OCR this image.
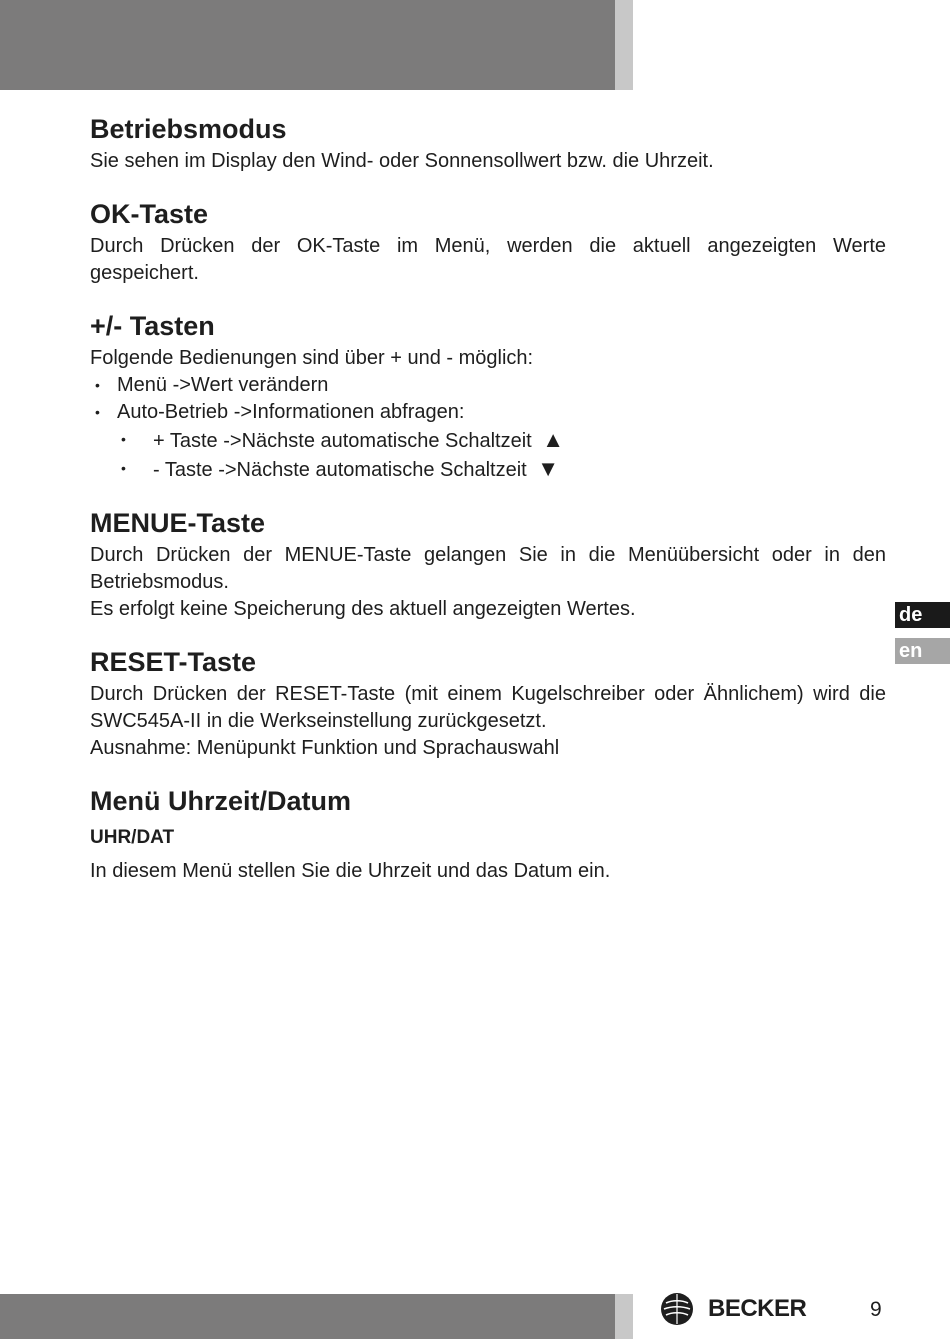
Betriebsmodus

Sie sehen im Display den Wind- oder Sonnensollwert bzw. die Uhrzeit.

OK-Taste

Durch Drücken der OK-Taste im Menü, werden die aktuell angezeigten Werte gespeichert.

+/- Tasten

Folgende Bedienungen sind über + und - möglich:

• Menü ->Wert verändern
• Auto-Betrieb ->Informationen abfragen:
• + Taste ->Nächste automatische Schaltzeit ▲
• - Taste ->Nächste automatische Schaltzeit ▼
MENUE-Taste

Durch Drücken der MENUE-Taste gelangen Sie in die Menüübersicht oder in den Betriebsmodus.

Es erfolgt keine Speicherung des aktuell angezeigten Wertes.

RESET-Taste

Durch Drücken der RESET-Taste (mit einem Kugelschreiber oder Ähnlichem) wird die SWC545A-II in die Werkseinstellung zurückgesetzt.

Ausnahme: Menüpunkt Funktion und Sprachauswahl

Menü Uhrzeit/Datum
UHR/DAT

In diesem Menü stellen Sie die Uhrzeit und das Datum ein.

de
en
BECKER	9
